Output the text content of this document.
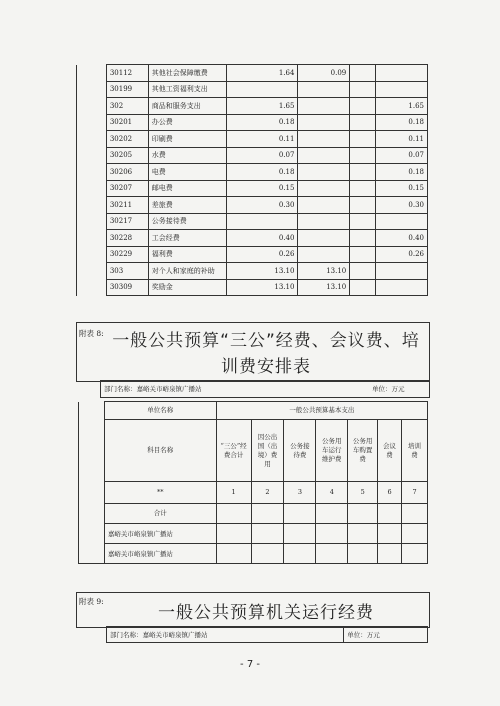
	30112	其他社会保障缴费	1.64	0.09		
	30199	其他工资福利支出				
	302	商品和服务支出	1.65			1.65
	30201	办公费	0.18			0.18
	30202	印刷费	0.11			0.11
	30205	水费	0.07			0.07
	30206	电费	0.18			0.18
	30207	邮电费	0.15			0.15
	30211	差旅费	0.30			0.30
	30217	公务接待费				
	30228	工会经费	0.40			0.40
	30229	福利费	0.26			0.26
	303	对个人和家庭的补助	13.10	13.10		
	30309	奖励金	13.10	13.10		
附表 8: 一般公共预算“三公”经费、会议费、培
训费安排表
部门名称：嘉峪关市峪泉镇广播站	单位：万元
	单位名称	一般公共预算基本支出						
	科目名称	“三公”经费合计	因公出国（出境）费用	公务接待费	公务用车运行维护费	公务用车购置费	会议费	培训费
	**	1	2	3	4	5	6	7
	合计							
	嘉峪关市峪泉镇广播站							
	嘉峪关市峪泉镇广播站							
附表 9:
一般公共预算机关运行经费
部门名称：嘉峪关市峪泉镇广播站	单位：万元
- 7 -
